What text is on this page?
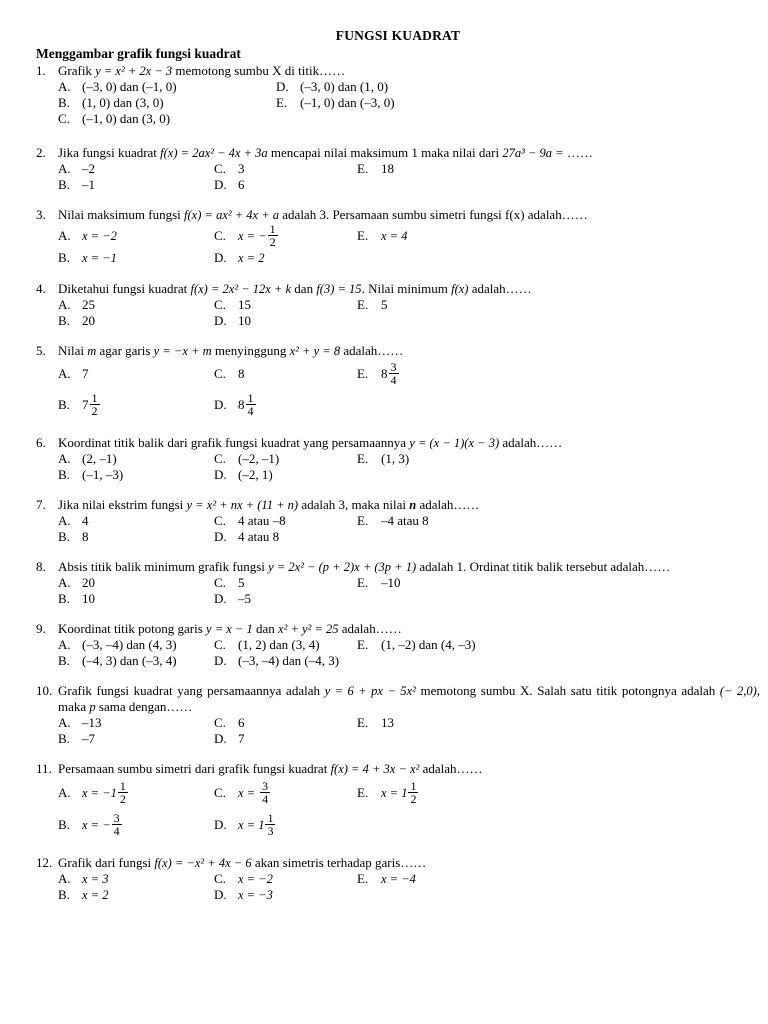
FUNGSI KUADRAT
Menggambar grafik fungsi kuadrat
1. Grafik y = x² + 2x − 3 memotong sumbu X di titik……
A. (–3, 0) dan (–1, 0)	D. (–3, 0) dan (1, 0)
B. (1, 0) dan (3, 0)	E. (–1, 0) dan (–3, 0)
C. (–1, 0) dan (3, 0)
2. Jika fungsi kuadrat f(x) = 2ax² − 4x + 3a mencapai nilai maksimum 1 maka nilai dari 27a³ − 9a = ……
A. –2	C. 3	E. 18
B. –1	D. 6
3. Nilai maksimum fungsi f(x) = ax² + 4x + a adalah 3. Persamaan sumbu simetri fungsi f(x) adalah……
A. x = −2	C. x = − $\frac{1}{2}$	E.	x = 4
B. x = −1	D. x = 2
4. Diketahui fungsi kuadrat f(x) = 2x² − 12x + k dan f(3) = 15. Nilai minimum f(x) adalah……
A. 25	C. 15	E. 5
B. 20	D. 10
5. Nilai m agar garis y = −x + m menyinggung x² + y = 8 adalah……
A. 7	C. 8	E. $8 \frac{3}{4}$
B. $7 \frac{1}{2}$	D. $8 \frac{1}{4}$
6. Koordinat titik balik dari grafik fungsi kuadrat yang persamaannya y = (x − 1)(x − 3) adalah……
A. (2, –1)	C. (–2, –1)	E. (1, 3)
B. (–1, –3)	D. (–2, 1)
7. Jika nilai ekstrim fungsi y = x² + nx + (11 + n) adalah 3, maka nilai n adalah……
A. 4	C. 4 atau –8	E. –4 atau 8
B. 8	D. 4 atau 8
8. Absis titik balik minimum grafik fungsi y = 2x² − (p + 2)x + (3p + 1) adalah 1. Ordinat titik balik tersebut adalah……
A. 20	C. 5	E. –10
B. 10	D. –5
9. Koordinat titik potong garis y = x − 1 dan x² + y² = 25 adalah……
A. (–3, –4) dan (4, 3)	C. (1, 2) dan (3, 4)	E. (1, –2) dan (4, –3)
B. (–4, 3) dan (–3, 4)	D. (–3, –4) dan (–4, 3)
10. Grafik fungsi kuadrat yang persamaannya adalah y = 6 + px − 5x² memotong sumbu X. Salah satu titik potongnya adalah (− 2,0), maka p sama dengan……
A. –13	C. 6	E. 13
B. –7	D. 7
11. Persamaan sumbu simetri dari grafik fungsi kuadrat f(x) = 4 + 3x − x² adalah……
A. $x = -1 \frac{1}{2}$	C. $x = \frac{3}{4}$	E.	$x = 1 \frac{1}{2}$
B. x = − $\frac{3}{4}$	D. $x = 1 \frac{1}{3}$
12. Grafik dari fungsi f(x) = −x² + 4x − 6 akan simetris terhadap garis……
A. x = 3	C. x = −2	E.	x = −4
B. x = 2	D. x = −3
